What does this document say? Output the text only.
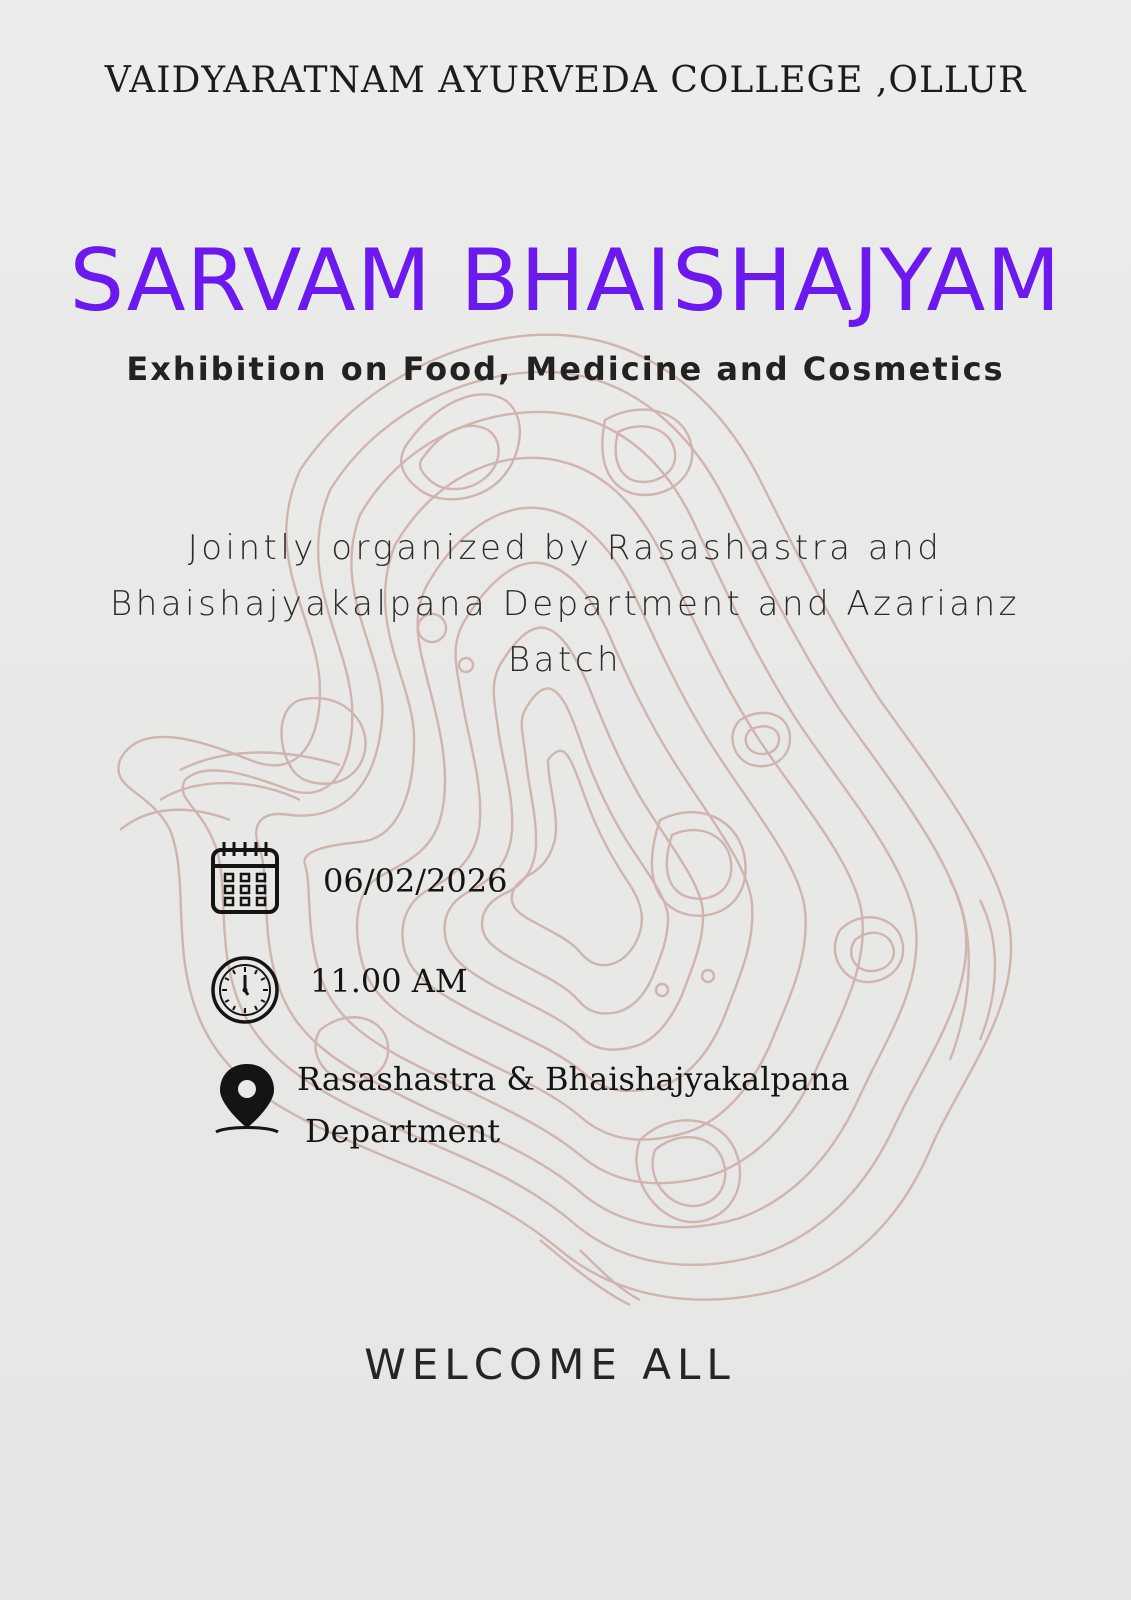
VAIDYARATNAM AYURVEDA COLLEGE ,OLLUR
SARVAM BHAISHAJYAM
Exhibition on Food, Medicine and Cosmetics
Jointly organized by Rasashastra and Bhaishajyakalpana Department and Azarianz Batch
06/02/2026
11.00 AM
Rasashastra & Bhaishajyakalpana
Department
WELCOME ALL
